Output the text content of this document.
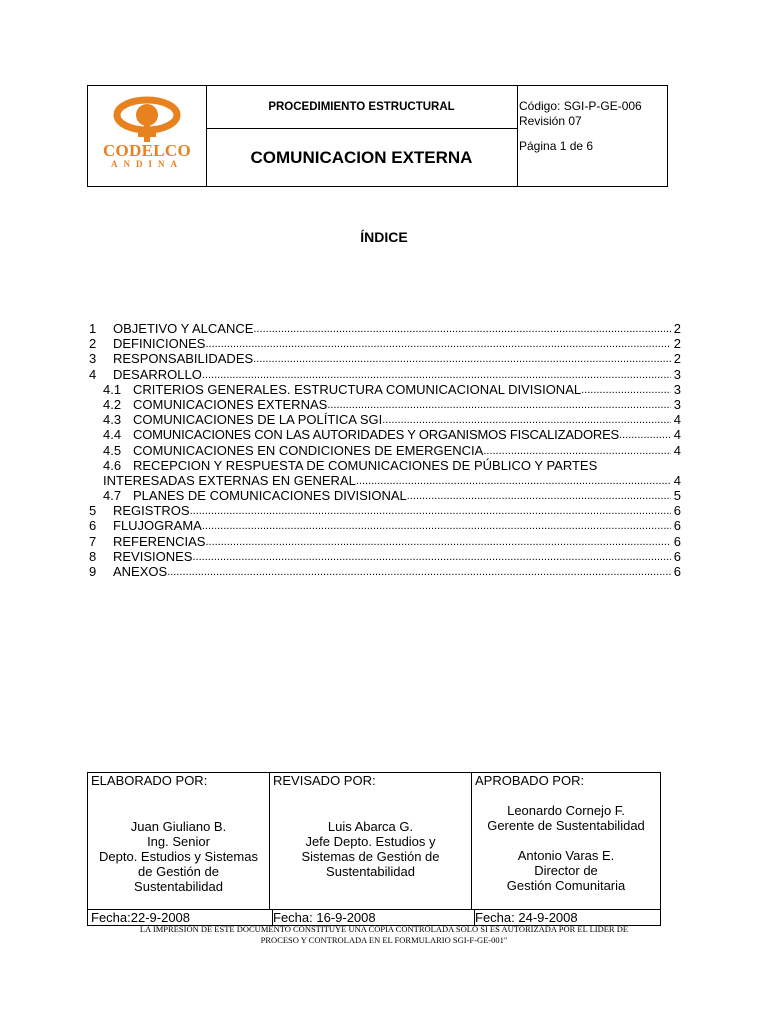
CODELCO
ANDINA
PROCEDIMIENTO ESTRUCTURAL
COMUNICACION EXTERNA
Código: SGI-P-GE-006
Revisión 07
Página 1 de 6
ÍNDICE
1	OBJETIVO Y ALCANCE .....	2
2	DEFINICIONES .....	2
3	RESPONSABILIDADES .....	2
4	DESARROLLO .....	3
4.1 CRITERIOS GENERALES. ESTRUCTURA COMUNICACIONAL DIVISIONAL .....	3
4.2 COMUNICACIONES EXTERNAS .....	3
4.3 COMUNICACIONES DE LA POLÍTICA SGI .....	4
4.4 COMUNICACIONES CON LAS AUTORIDADES Y ORGANISMOS FISCALIZADORES .....	4
4.5 COMUNICACIONES EN CONDICIONES DE EMERGENCIA .....	4
4.6 RECEPCION Y RESPUESTA DE COMUNICACIONES DE PÚBLICO Y PARTES
INTERESADAS EXTERNAS EN GENERAL .....	4
4.7 PLANES DE COMUNICACIONES DIVISIONAL .....	5
5	REGISTROS .....	6
6	FLUJOGRAMA .....	6
7	REFERENCIAS .....	6
8	REVISIONES .....	6
9	ANEXOS .....	6
ELABORADO POR:
Juan Giuliano B.
Ing. Senior
Depto. Estudios y Sistemas
de Gestión de
Sustentabilidad
REVISADO POR:
Luis Abarca G.
Jefe Depto. Estudios y
Sistemas de Gestión de
Sustentabilidad
APROBADO POR:
Leonardo Cornejo F.
Gerente de Sustentabilidad
Antonio Varas E.
Director de
Gestión Comunitaria
Fecha:22-9-2008	Fecha: 16-9-2008	Fecha: 24-9-2008
LA IMPRESIÓN DE ESTE DOCUMENTO CONSTITUYE UNA COPIA CONTROLADA SOLO SI ES AUTORIZADA POR EL LIDER DE
PROCESO Y CONTROLADA EN EL FORMULARIO SGI-F-GE-001"
